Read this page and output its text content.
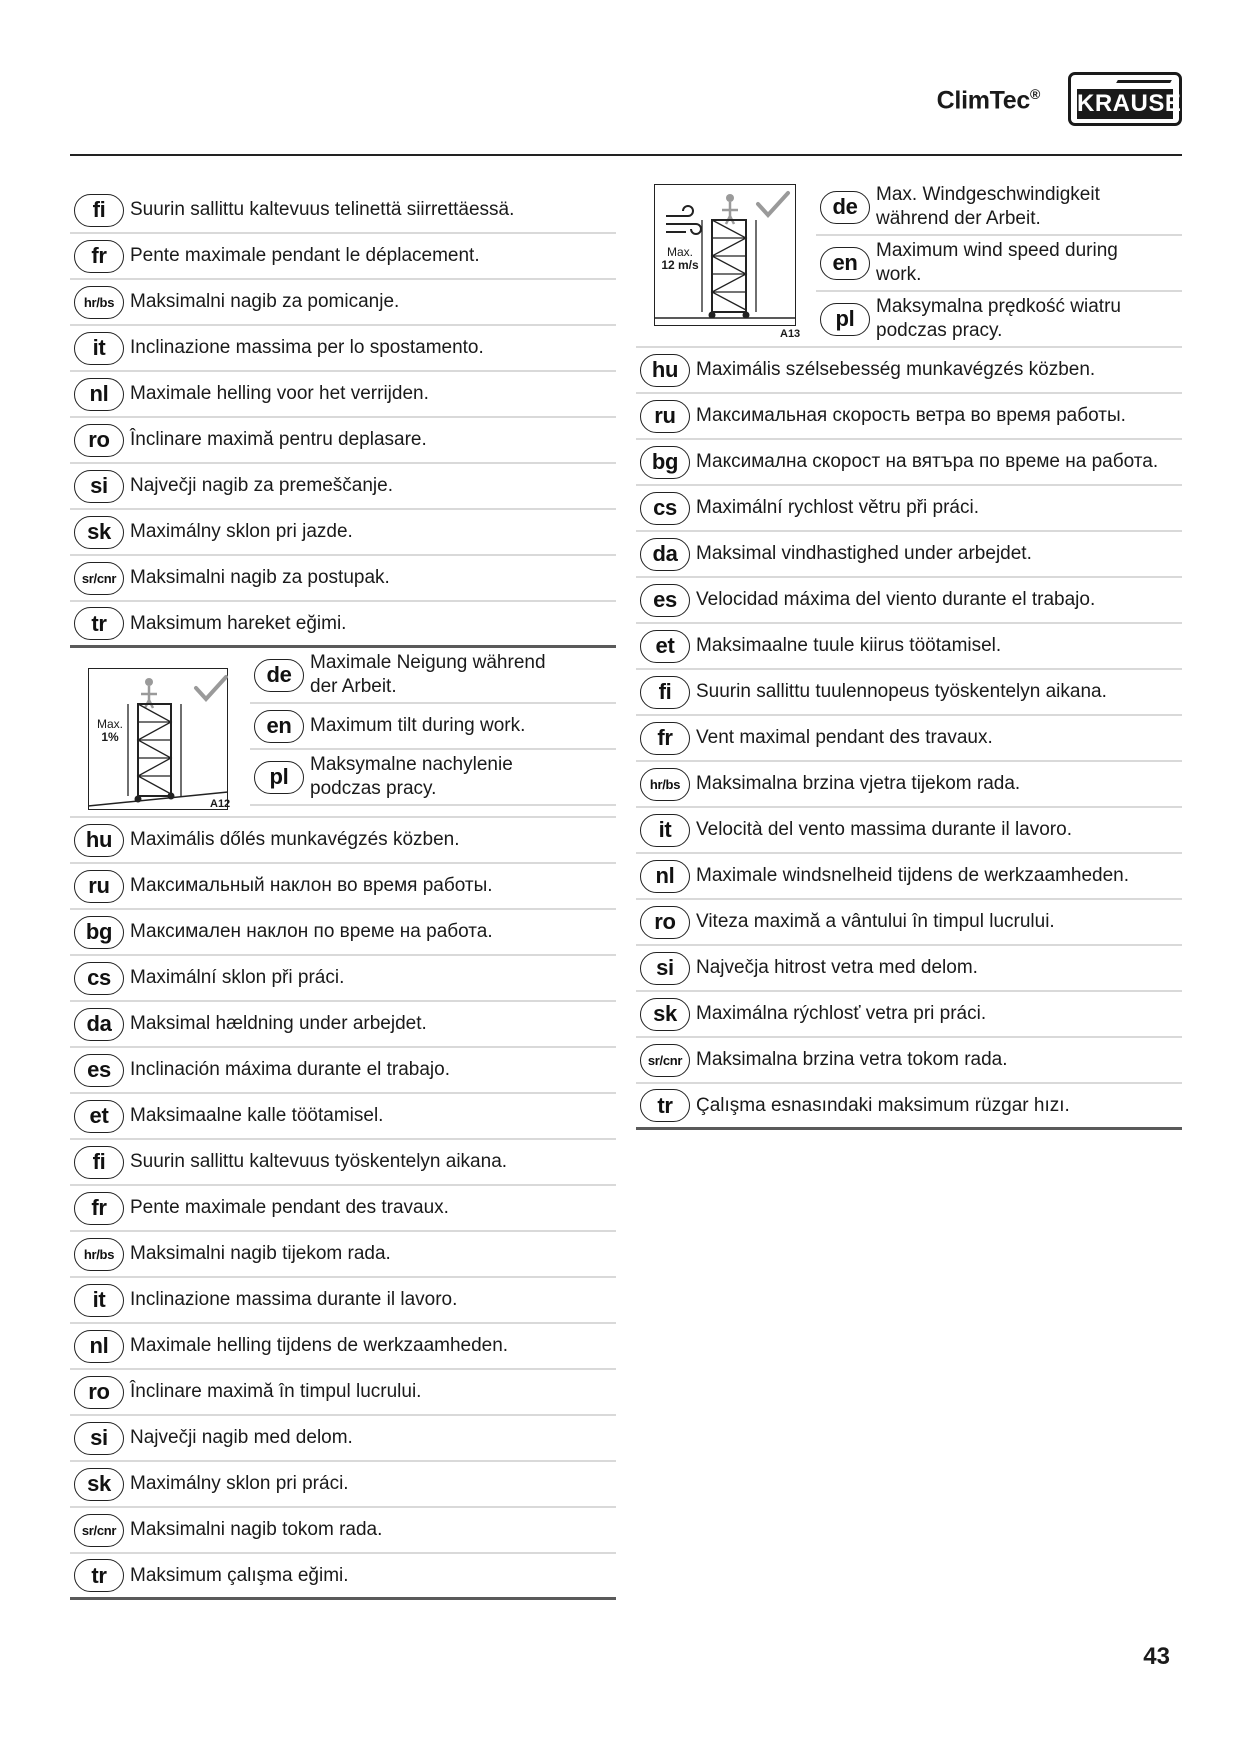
ClimTec® KRAUSE
fi	Suurin sallittu kaltevuus telinettä siirrettäessä.
fr	Pente maximale pendant le déplacement.
hr/bs Maksimalni nagib za pomicanje.
it	Inclinazione massima per lo spostamento.
nl	Maximale helling voor het verrijden.
ro	Înclinare maximă pentru deplasare.
si	Največji nagib za premeščanje.
sk	Maximálny sklon pri jazde.
sr/cnr Maksimalni nagib za postupak.
tr	Maksimum hareket eğimi.
Max.
1%
A12
de Maximale Neigung während der Arbeit.
en Maximum tilt during work.
pl	Maksymalne nachylenie podczas pracy.
hu Maximális dőlés munkavégzés közben.
ru	Максимальный наклон во время работы.
bg Максимален наклон по време на работа.
cs	Maximální sklon při práci.
da Maksimal hældning under arbejdet.
es	Inclinación máxima durante el trabajo.
et	Maksimaalne kalle töötamisel.
fi	Suurin sallittu kaltevuus työskentelyn aikana.
fr	Pente maximale pendant des travaux.
hr/bs Maksimalni nagib tijekom rada.
it	Inclinazione massima durante il lavoro.
nl	Maximale helling tijdens de werkzaamheden.
ro	Înclinare maximă în timpul lucrului.
si	Največji nagib med delom.
sk	Maximálny sklon pri práci.
sr/cnr Maksimalni nagib tokom rada.
tr	Maksimum çalışma eğimi.
Max.
12 m/s
A13
de Max. Windgeschwindigkeit während der Arbeit.
en Maximum wind speed during work.
pl	Maksymalna prędkość wiatru podczas pracy.
hu Maximális szélsebesség munkavégzés közben.
ru	Максимальная скорость ветра во время работы.
bg Максимална скорост на вятъра по време на работа.
cs	Maximální rychlost větru při práci.
da Maksimal vindhastighed under arbejdet.
es	Velocidad máxima del viento durante el trabajo.
et	Maksimaalne tuule kiirus töötamisel.
fi	Suurin sallittu tuulennopeus työskentelyn aikana.
fr	Vent maximal pendant des travaux.
hr/bs Maksimalna brzina vjetra tijekom rada.
it	Velocità del vento massima durante il lavoro.
nl	Maximale windsnelheid tijdens de werkzaamheden.
ro	Viteza maximă a vântului în timpul lucrului.
si	Največja hitrost vetra med delom.
sk	Maximálna rýchlosť vetra pri práci.
sr/cnr Maksimalna brzina vetra tokom rada.
tr	Çalışma esnasındaki maksimum rüzgar hızı.
43
